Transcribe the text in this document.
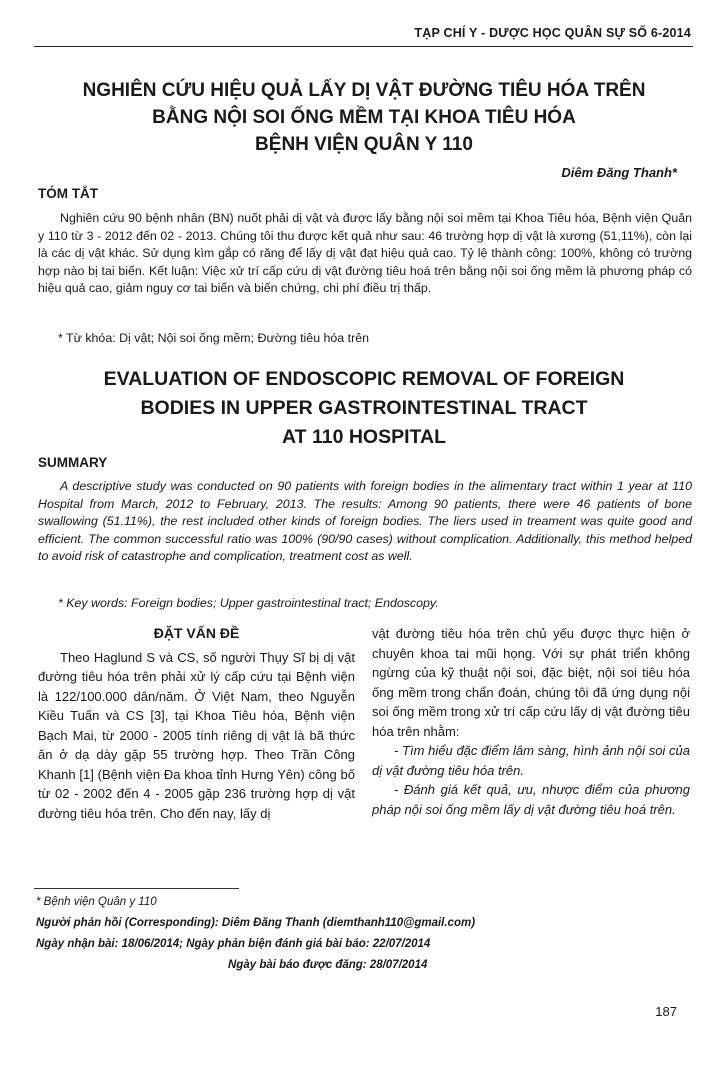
TẠP CHÍ Y - DƯỢC HỌC QUÂN SỰ SỐ 6-2014
NGHIÊN CỨU HIỆU QUẢ LẤY DỊ VẬT ĐƯỜNG TIÊU HÓA TRÊN
BẰNG NỘI SOI ỐNG MỀM TẠI KHOA TIÊU HÓA
BỆNH VIỆN QUÂN Y 110
Diêm Đăng Thanh*
TÓM TẮT
Nghiên cứu 90 bệnh nhân (BN) nuốt phải dị vật và được lấy bằng nội soi mềm tại Khoa Tiêu hóa, Bệnh viện Quân y 110 từ 3 - 2012 đến 02 - 2013. Chúng tôi thu được kết quả như sau: 46 trường hợp dị vật là xương (51,11%), còn lại là các dị vật khác. Sử dụng kìm gắp có răng để lấy dị vật đạt hiệu quả cao. Tỷ lệ thành công: 100%, không có trường hợp nào bị tai biến. Kết luận: Việc xử trí cấp cứu dị vật đường tiêu hoá trên bằng nội soi ống mềm là phương pháp có hiệu quả cao, giảm nguy cơ tai biến và biến chứng, chi phí điều trị thấp.
* Từ khóa: Dị vật; Nội soi ống mềm; Đường tiêu hóa trên
EVALUATION OF ENDOSCOPIC REMOVAL OF FOREIGN
BODIES IN UPPER GASTROINTESTINAL TRACT
AT 110 HOSPITAL
SUMMARY
A descriptive study was conducted on 90 patients with foreign bodies in the alimentary tract within 1 year at 110 Hospital from March, 2012 to February, 2013. The results: Among 90 patients, there were 46 patients of bone swallowing (51.11%), the rest included other kinds of foreign bodies. The liers used in treament was quite good and efficient. The common successful ratio was 100% (90/90 cases) without complication. Additionally, this method helped to avoid risk of catastrophe and complication, treatment cost as well.
* Key words: Foreign bodies; Upper gastrointestinal tract; Endoscopy.

ĐẶT VẤN ĐỀ

Theo Haglund S và CS, số người Thụy Sĩ bị dị vật đường tiêu hóa trên phải xử lý cấp cứu tại Bệnh viện là 122/100.000 dân/năm. Ở Việt Nam, theo Nguyễn Kiều Tuấn và CS [3], tại Khoa Tiêu hóa, Bệnh viện Bạch Mai, từ 2000 - 2005 tính riêng dị vật là bã thức ăn ở dạ dày gặp 55 trường hợp. Theo Trần Công Khanh [1] (Bệnh viện Đa khoa tỉnh Hưng Yên) công bố từ 02 - 2002 đến 4 - 2005 gặp 236 trường hợp dị vật đường tiêu hóa trên. Cho đến nay, lấy dị

vật đường tiêu hóa trên chủ yếu được thực hiện ở chuyên khoa tai mũi họng. Với sự phát triển không ngừng của kỹ thuật nội soi, đặc biệt, nội soi tiêu hóa ống mềm trong chẩn đoán, chúng tôi đã ứng dụng nội soi ống mềm trong xử trí cấp cứu lấy dị vật đường tiêu hóa trên nhằm:

- Tìm hiểu đặc điểm lâm sàng, hình ảnh nội soi của dị vật đường tiêu hóa trên.

- Đánh giá kết quả, ưu, nhược điểm của phương pháp nội soi ống mềm lấy dị vật đường tiêu hoá trên.

* Bệnh viện Quân y 110
Người phản hồi (Corresponding): Diêm Đăng Thanh (diemthanh110@gmail.com)
Ngày nhận bài: 18/06/2014; Ngày phản biện đánh giá bài báo: 22/07/2014
Ngày bài báo được đăng: 28/07/2014
187
